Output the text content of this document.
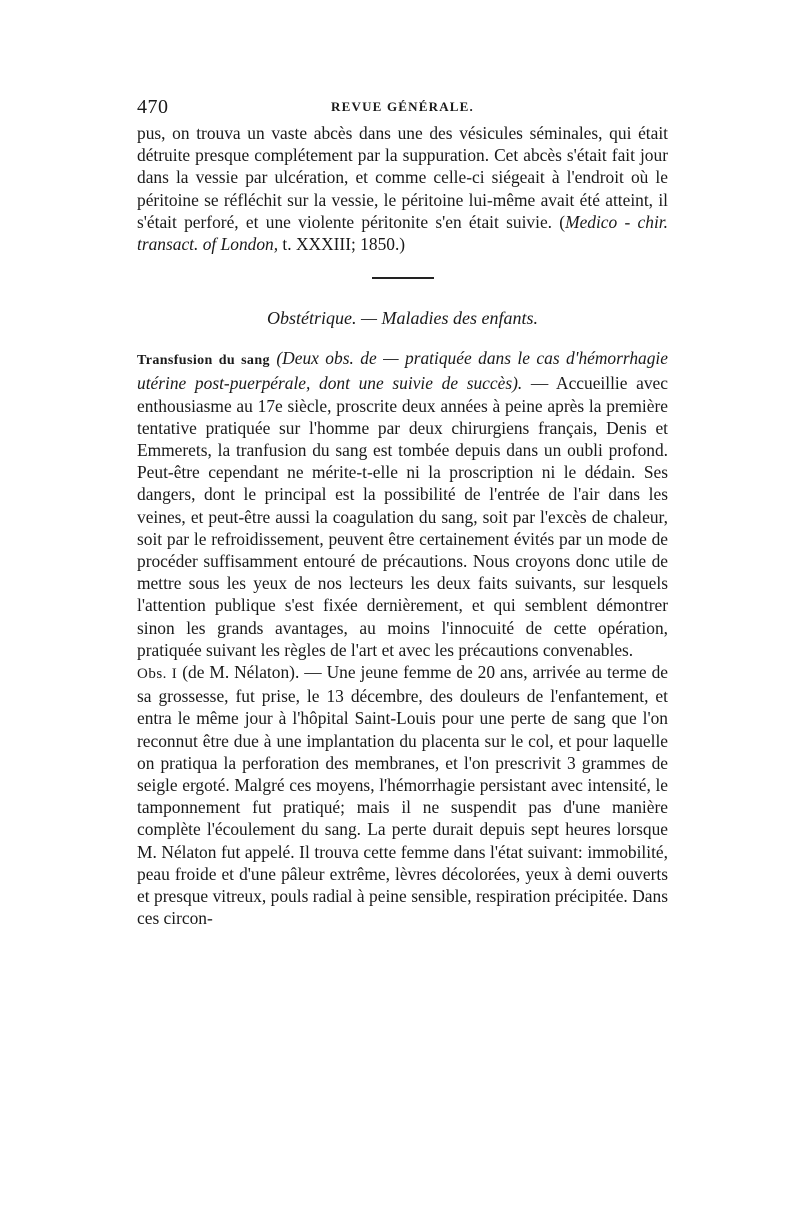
470	REVUE GÉNÉRALE.

pus, on trouva un vaste abcès dans une des vésicules séminales, qui était détruite presque complétement par la suppuration. Cet abcès s'était fait jour dans la vessie par ulcération, et comme celle-ci siégeait à l'endroit où le péritoine se réfléchit sur la vessie, le péritoine lui-même avait été atteint, il s'était perforé, et une violente péritonite s'en était suivie. (Medico - chir. transact. of London, t. XXXIII; 1850.)

Obstétrique. — Maladies des enfants.

Transfusion du sang (Deux obs. de — pratiquée dans le cas d'hémorrhagie utérine post-puerpérale, dont une suivie de succès). — Accueillie avec enthousiasme au 17e siècle, proscrite deux années à peine après la première tentative pratiquée sur l'homme par deux chirurgiens français, Denis et Emmerets, la tranfusion du sang est tombée depuis dans un oubli profond. Peut-être cependant ne mérite-t-elle ni la proscription ni le dédain. Ses dangers, dont le principal est la possibilité de l'entrée de l'air dans les veines, et peut-être aussi la coagulation du sang, soit par l'excès de chaleur, soit par le refroidissement, peuvent être certainement évités par un mode de procéder suffisamment entouré de précautions. Nous croyons donc utile de mettre sous les yeux de nos lecteurs les deux faits suivants, sur lesquels l'attention publique s'est fixée dernièrement, et qui semblent démontrer sinon les grands avantages, au moins l'innocuité de cette opération, pratiquée suivant les règles de l'art et avec les précautions convenables.

Obs. I (de M. Nélaton). — Une jeune femme de 20 ans, arrivée au terme de sa grossesse, fut prise, le 13 décembre, des douleurs de l'enfantement, et entra le même jour à l'hôpital Saint-Louis pour une perte de sang que l'on reconnut être due à une implantation du placenta sur le col, et pour laquelle on pratiqua la perforation des membranes, et l'on prescrivit 3 grammes de seigle ergoté. Malgré ces moyens, l'hémorrhagie persistant avec intensité, le tamponnement fut pratiqué; mais il ne suspendit pas d'une manière complète l'écoulement du sang. La perte durait depuis sept heures lorsque M. Nélaton fut appelé. Il trouva cette femme dans l'état suivant: immobilité, peau froide et d'une pâleur extrême, lèvres décolorées, yeux à demi ouverts et presque vitreux, pouls radial à peine sensible, respiration précipitée. Dans ces circon-
